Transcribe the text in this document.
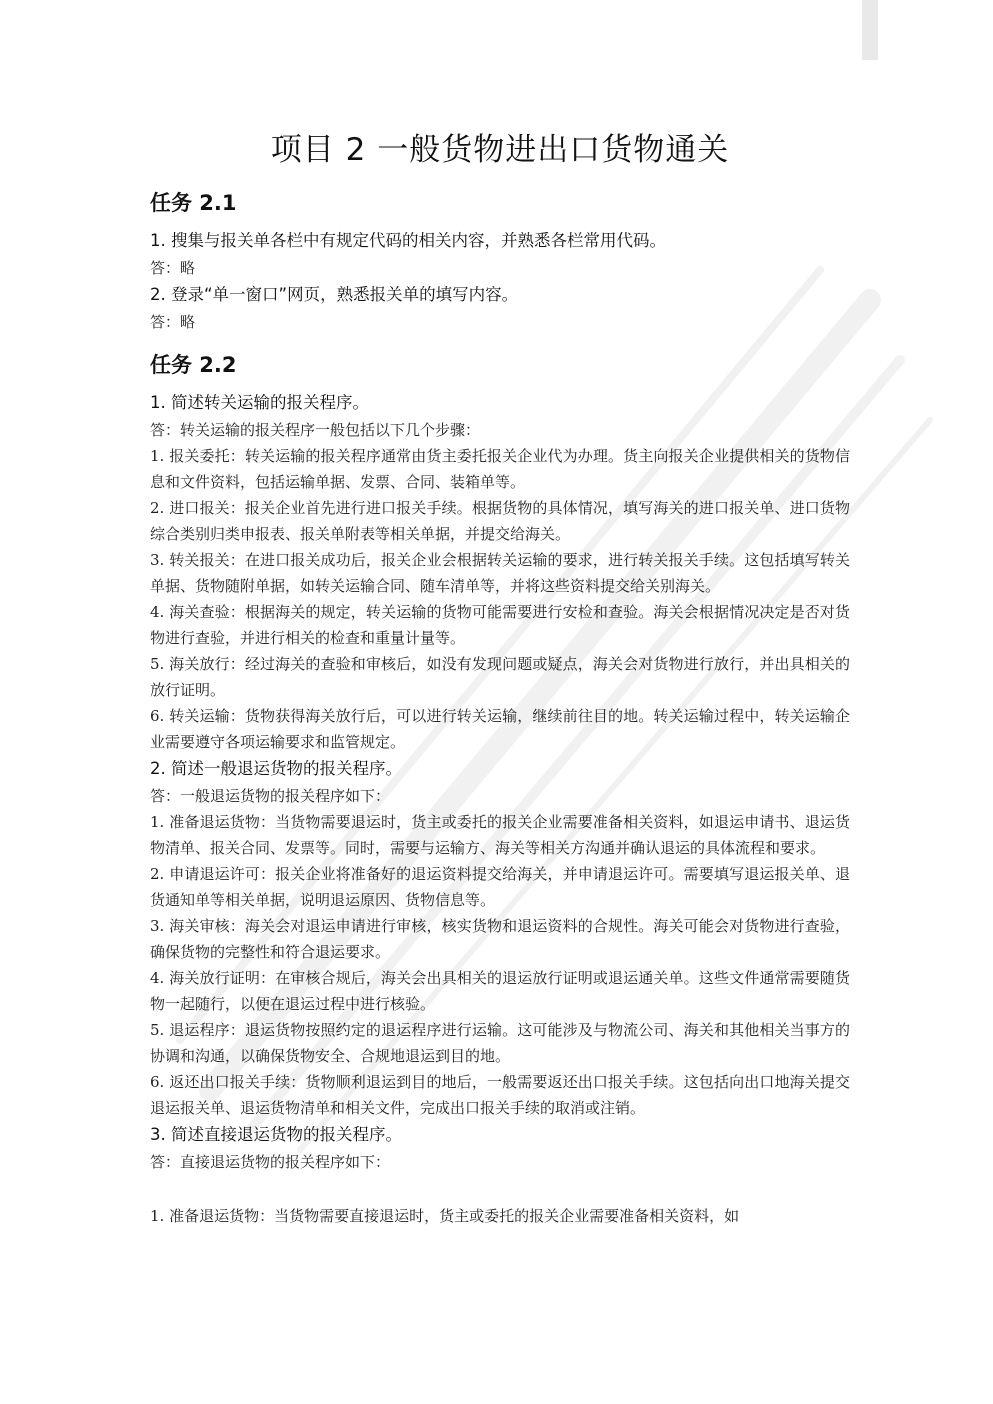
项目 2 一般货物进出口货物通关
任务 2.1

1. 搜集与报关单各栏中有规定代码的相关内容，并熟悉各栏常用代码。

答：略

2. 登录“单一窗口”网页，熟悉报关单的填写内容。

答：略

任务 2.2

1. 简述转关运输的报关程序。

答：转关运输的报关程序一般包括以下几个步骤：

1. 报关委托：转关运输的报关程序通常由货主委托报关企业代为办理。货主向报关企业提供相关的货物信息和文件资料，包括运输单据、发票、合同、装箱单等。

2. 进口报关：报关企业首先进行进口报关手续。根据货物的具体情况，填写海关的进口报关单、进口货物综合类别归类申报表、报关单附表等相关单据，并提交给海关。

3. 转关报关：在进口报关成功后，报关企业会根据转关运输的要求，进行转关报关手续。这包括填写转关单据、货物随附单据，如转关运输合同、随车清单等，并将这些资料提交给关别海关。

4. 海关查验：根据海关的规定，转关运输的货物可能需要进行安检和查验。海关会根据情况决定是否对货物进行查验，并进行相关的检查和重量计量等。

5. 海关放行：经过海关的查验和审核后，如没有发现问题或疑点，海关会对货物进行放行，并出具相关的放行证明。

6. 转关运输：货物获得海关放行后，可以进行转关运输，继续前往目的地。转关运输过程中，转关运输企业需要遵守各项运输要求和监管规定。

2. 简述一般退运货物的报关程序。

答：一般退运货物的报关程序如下：

1. 准备退运货物：当货物需要退运时，货主或委托的报关企业需要准备相关资料，如退运申请书、退运货物清单、报关合同、发票等。同时，需要与运输方、海关等相关方沟通并确认退运的具体流程和要求。

2. 申请退运许可：报关企业将准备好的退运资料提交给海关，并申请退运许可。需要填写退运报关单、退货通知单等相关单据，说明退运原因、货物信息等。

3. 海关审核：海关会对退运申请进行审核，核实货物和退运资料的合规性。海关可能会对货物进行查验，确保货物的完整性和符合退运要求。

4. 海关放行证明：在审核合规后，海关会出具相关的退运放行证明或退运通关单。这些文件通常需要随货物一起随行，以便在退运过程中进行核验。

5. 退运程序：退运货物按照约定的退运程序进行运输。这可能涉及与物流公司、海关和其他相关当事方的协调和沟通，以确保货物安全、合规地退运到目的地。

6. 返还出口报关手续：货物顺利退运到目的地后，一般需要返还出口报关手续。这包括向出口地海关提交退运报关单、退运货物清单和相关文件，完成出口报关手续的取消或注销。

3. 简述直接退运货物的报关程序。

答：直接退运货物的报关程序如下：

1. 准备退运货物：当货物需要直接退运时，货主或委托的报关企业需要准备相关资料，如
